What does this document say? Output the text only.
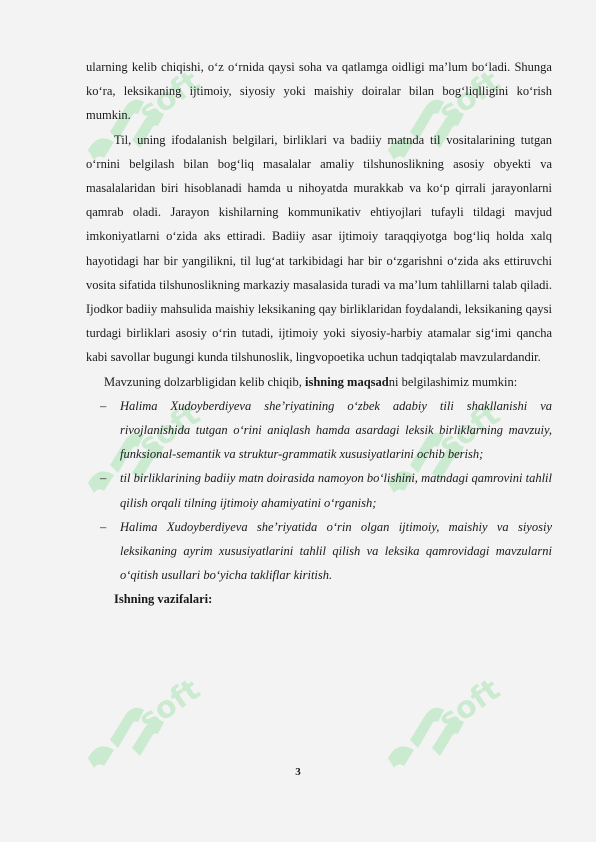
soft	soft
soft	soft
soft	soft

ularning kelib chiqishi, o‘z o‘rnida qaysi soha va qatlamga oidligi ma’lum bo‘ladi. Shunga ko‘ra, leksikaning ijtimoiy, siyosiy yoki maishiy doiralar bilan bog‘liqlligini ko‘rish mumkin.

Til, uning ifodalanish belgilari, birliklari va badiiy matnda til vositalarining tutgan o‘rnini belgilash bilan bog‘liq masalalar amaliy tilshunoslikning asosiy obyekti va masalalaridan biri hisoblanadi hamda u nihoyatda murakkab va ko‘p qirrali jarayonlarni qamrab oladi. Jarayon kishilarning kommunikativ ehtiyojlari tufayli tildagi mavjud imkoniyatlarni o‘zida aks ettiradi. Badiiy asar ijtimoiy taraqqiyotga bog‘liq holda xalq hayotidagi har bir yangilikni, til lug‘at tarkibidagi har bir o‘zgarishni o‘zida aks ettiruvchi vosita sifatida tilshunoslikning markaziy masalasida turadi va ma’lum tahlillarni talab qiladi. Ijodkor badiiy mahsulida maishiy leksikaning qay birliklaridan foydalandi, leksikaning qaysi turdagi birliklari asosiy o‘rin tutadi, ijtimoiy yoki siyosiy-harbiy atamalar sig‘imi qancha kabi savollar bugungi kunda tilshunoslik, lingvopoetika uchun tadqiqtalab mavzulardandir.

Mavzuning dolzarbligidan kelib chiqib, ishning maqsadni belgilashimiz mumkin:

– Halima Xudoyberdiyeva she’riyatining o‘zbek adabiy tili shakllanishi va rivojlanishida tutgan o‘rini aniqlash hamda asardagi leksik birliklarning mavzuiy, funksional-semantik va struktur-grammatik xususiyatlarini ochib berish;
– til birliklarining badiiy matn doirasida namoyon bo‘lishini, matndagi qamrovini tahlil qilish orqali tilning ijtimoiy ahamiyatini o‘rganish;
– Halima Xudoyberdiyeva she’riyatida o‘rin olgan ijtimoiy, maishiy va siyosiy leksikaning ayrim xususiyatlarini tahlil qilish va leksika qamrovidagi mavzularni o‘qitish usullari bo‘yicha takliflar kiritish.

Ishning vazifalari:

3
